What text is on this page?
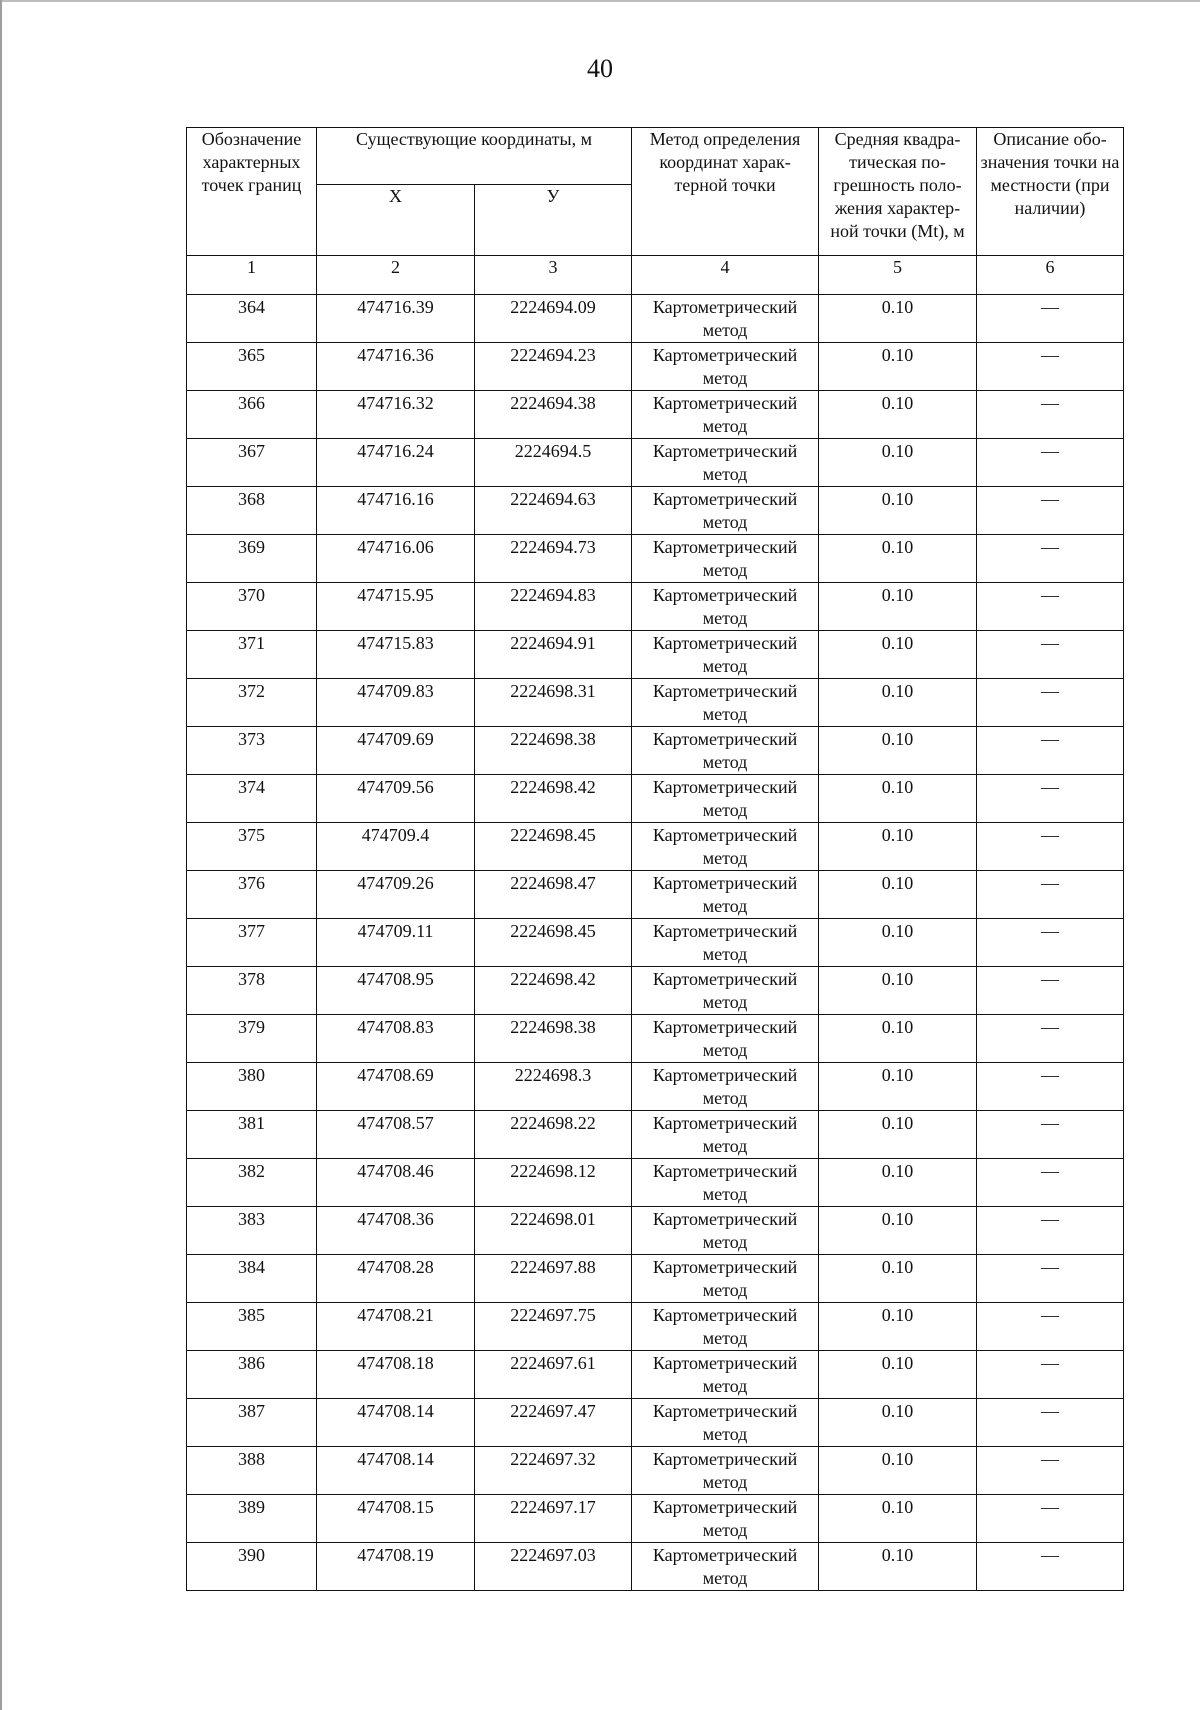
40
Обозначение характерных точек границ	Существующие координаты, м		Метод определения координат харак-терной точки	Средняя квадра-тическая по-грешность поло-жения характер-ной точки (Mt), м	Описание обо-значения точки на местности (при наличии)
	X	У			
1	2	3	4	5	6
364	474716.39	2224694.09	Картометрический метод	0.10	—
365	474716.36	2224694.23	Картометрический метод	0.10	—
366	474716.32	2224694.38	Картометрический метод	0.10	—
367	474716.24	2224694.5	Картометрический метод	0.10	—
368	474716.16	2224694.63	Картометрический метод	0.10	—
369	474716.06	2224694.73	Картометрический метод	0.10	—
370	474715.95	2224694.83	Картометрический метод	0.10	—
371	474715.83	2224694.91	Картометрический метод	0.10	—
372	474709.83	2224698.31	Картометрический метод	0.10	—
373	474709.69	2224698.38	Картометрический метод	0.10	—
374	474709.56	2224698.42	Картометрический метод	0.10	—
375	474709.4	2224698.45	Картометрический метод	0.10	—
376	474709.26	2224698.47	Картометрический метод	0.10	—
377	474709.11	2224698.45	Картометрический метод	0.10	—
378	474708.95	2224698.42	Картометрический метод	0.10	—
379	474708.83	2224698.38	Картометрический метод	0.10	—
380	474708.69	2224698.3	Картометрический метод	0.10	—
381	474708.57	2224698.22	Картометрический метод	0.10	—
382	474708.46	2224698.12	Картометрический метод	0.10	—
383	474708.36	2224698.01	Картометрический метод	0.10	—
384	474708.28	2224697.88	Картометрический метод	0.10	—
385	474708.21	2224697.75	Картометрический метод	0.10	—
386	474708.18	2224697.61	Картометрический метод	0.10	—
387	474708.14	2224697.47	Картометрический метод	0.10	—
388	474708.14	2224697.32	Картометрический метод	0.10	—
389	474708.15	2224697.17	Картометрический метод	0.10	—
390	474708.19	2224697.03	Картометрический метод	0.10	—
